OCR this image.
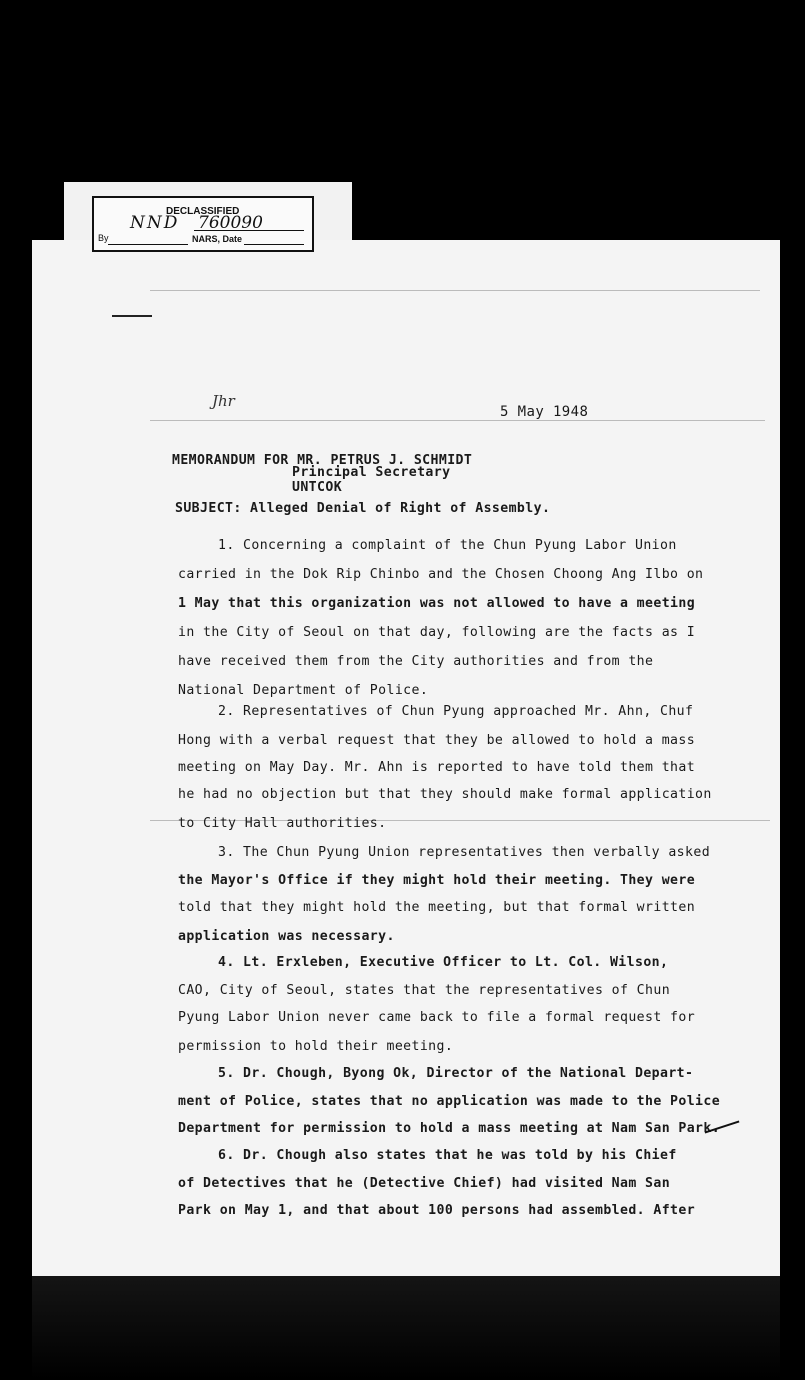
DECLASSIFIED
NND 760090
By	NARS, Date
Jhr
5 May 1948
MEMORANDUM FOR MR. PETRUS J. SCHMIDT
Principal Secretary
UNTCOK
SUBJECT: Alleged Denial of Right of Assembly.
1. Concerning a complaint of the Chun Pyung Labor Union
carried in the Dok Rip Chinbo and the Chosen Choong Ang Ilbo on
1 May that this organization was not allowed to have a meeting
in the City of Seoul on that day, following are the facts as I
have received them from the City authorities and from the
National Department of Police.
2. Representatives of Chun Pyung approached Mr. Ahn, Chuf
Hong with a verbal request that they be allowed to hold a mass
meeting on May Day. Mr. Ahn is reported to have told them that
he had no objection but that they should make formal application
to City Hall authorities.
3. The Chun Pyung Union representatives then verbally asked
the Mayor's Office if they might hold their meeting. They were
told that they might hold the meeting, but that formal written
application was necessary.
4. Lt. Erxleben, Executive Officer to Lt. Col. Wilson,
CAO, City of Seoul, states that the representatives of Chun
Pyung Labor Union never came back to file a formal request for
permission to hold their meeting.
5. Dr. Chough, Byong Ok, Director of the National Depart-
ment of Police, states that no application was made to the Police
Department for permission to hold a mass meeting at Nam San Park.
6. Dr. Chough also states that he was told by his Chief
of Detectives that he (Detective Chief) had visited Nam San
Park on May 1, and that about 100 persons had assembled. After
